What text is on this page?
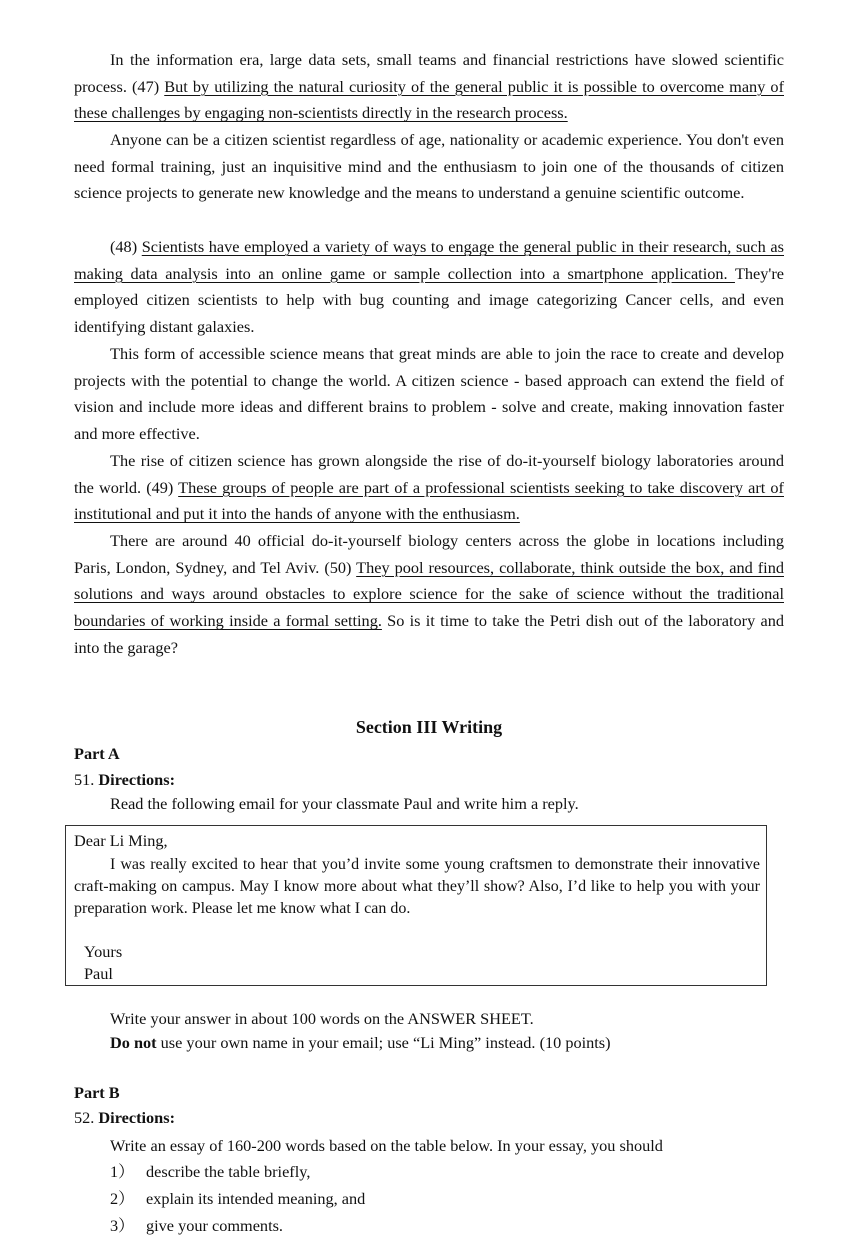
In the information era, large data sets, small teams and financial restrictions have slowed scientific process. (47) But by utilizing the natural curiosity of the general public it is possible to overcome many of these challenges by engaging non-scientists directly in the research process.

Anyone can be a citizen scientist regardless of age, nationality or academic experience. You don't even need formal training, just an inquisitive mind and the enthusiasm to join one of the thousands of citizen science projects to generate new knowledge and the means to understand a genuine scientific outcome.

(48) Scientists have employed a variety of ways to engage the general public in their research, such as making data analysis into an online game or sample collection into a smartphone application. They're employed citizen scientists to help with bug counting and image categorizing Cancer cells, and even identifying distant galaxies.

This form of accessible science means that great minds are able to join the race to create and develop projects with the potential to change the world. A citizen science - based approach can extend the field of vision and include more ideas and different brains to problem - solve and create, making innovation faster and more effective.

The rise of citizen science has grown alongside the rise of do-it-yourself biology laboratories around the world. (49) These groups of people are part of a professional scientists seeking to take discovery art of institutional and put it into the hands of anyone with the enthusiasm.

There are around 40 official do-it-yourself biology centers across the globe in locations including Paris, London, Sydney, and Tel Aviv. (50) They pool resources, collaborate, think outside the box, and find solutions and ways around obstacles to explore science for the sake of science without the traditional boundaries of working inside a formal setting. So is it time to take the Petri dish out of the laboratory and into the garage?

Section III Writing

Part A

51. Directions:

Read the following email for your classmate Paul and write him a reply.

Dear Li Ming,

I was really excited to hear that you’d invite some young craftsmen to demonstrate their innovative craft-making on campus. May I know more about what they’ll show? Also, I’d like to help you with your preparation work. Please let me know what I can do.

Yours

Paul

Write your answer in about 100 words on the ANSWER SHEET.

Do not use your own name in your email; use “Li Ming” instead. (10 points)

Part B

52. Directions:

Write an essay of 160-200 words based on the table below. In your essay, you should

1） describe the table briefly,

2） explain its intended meaning, and

3） give your comments.
